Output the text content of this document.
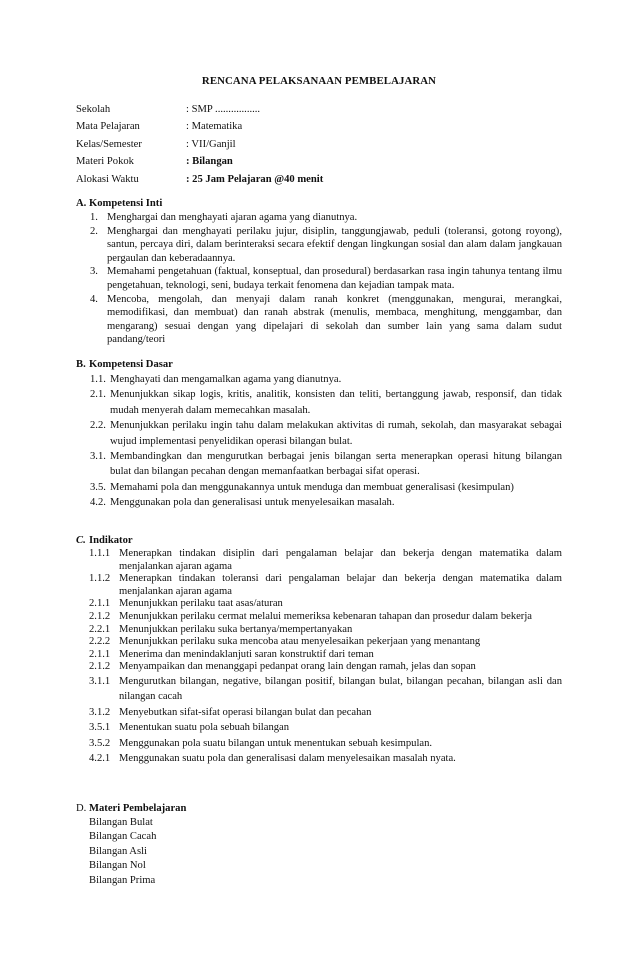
RENCANA PELAKSANAAN PEMBELAJARAN
Sekolah	: SMP .................
Mata Pelajaran	: Matematika
Kelas/Semester	: VII/Ganjil
Materi Pokok	: Bilangan
Alokasi Waktu	: 25 Jam Pelajaran @40 menit
A. Kompetensi Inti
1. Menghargai dan menghayati ajaran agama yang dianutnya.
2. Menghargai dan menghayati perilaku jujur, disiplin, tanggungjawab, peduli (toleransi, gotong royong), santun, percaya diri, dalam berinteraksi secara efektif dengan lingkungan sosial dan alam dalam jangkauan pergaulan dan keberadaannya.
3. Memahami pengetahuan (faktual, konseptual, dan prosedural) berdasarkan rasa ingin tahunya tentang ilmu pengetahuan, teknologi, seni, budaya terkait fenomena dan kejadian tampak mata.
4. Mencoba, mengolah, dan menyaji dalam ranah konkret (menggunakan, mengurai, merangkai, memodifikasi, dan membuat) dan ranah abstrak (menulis, membaca, menghitung, menggambar, dan mengarang) sesuai dengan yang dipelajari di sekolah dan sumber lain yang sama dalam sudut pandang/teori
B. Kompetensi Dasar
1.1. Menghayati dan mengamalkan agama yang dianutnya.
2.1. Menunjukkan sikap logis, kritis, analitik, konsisten dan teliti, bertanggung jawab, responsif, dan tidak mudah menyerah dalam memecahkan masalah.
2.2. Menunjukkan perilaku ingin tahu dalam melakukan aktivitas di rumah, sekolah, dan masyarakat sebagai wujud implementasi penyelidikan operasi bilangan bulat.
3.1. Membandingkan dan mengurutkan berbagai jenis bilangan serta menerapkan operasi hitung bilangan bulat dan bilangan pecahan dengan memanfaatkan berbagai sifat operasi.
3.5. Memahami pola dan menggunakannya untuk menduga dan membuat generalisasi (kesimpulan)
4.2. Menggunakan pola dan generalisasi untuk menyelesaikan masalah.
C. Indikator
1.1.1 Menerapkan tindakan disiplin dari pengalaman belajar dan bekerja dengan matematika dalam menjalankan ajaran agama
1.1.2 Menerapkan tindakan toleransi dari pengalaman belajar dan bekerja dengan matematika dalam menjalankan ajaran agama
2.1.1 Menunjukkan perilaku taat asas/aturan
2.1.2 Menunjukkan perilaku cermat melalui memeriksa kebenaran tahapan dan prosedur dalam bekerja
2.2.1 Menunjukkan perilaku suka bertanya/mempertanyakan
2.2.2 Menunjukkan perilaku suka mencoba atau menyelesaikan pekerjaan yang menantang
2.1.1 Menerima dan menindaklanjuti saran konstruktif dari teman
2.1.2 Menyampaikan dan menanggapi pedanpat orang lain dengan ramah, jelas dan sopan
3.1.1 Mengurutkan bilangan, negative, bilangan positif, bilangan bulat, bilangan pecahan, bilangan asli dan nilangan cacah
3.1.2 Menyebutkan sifat-sifat operasi bilangan bulat dan pecahan
3.5.1 Menentukan suatu pola sebuah bilangan
3.5.2 Menggunakan pola suatu bilangan untuk menentukan sebuah kesimpulan.
4.2.1 Menggunakan suatu pola dan generalisasi dalam menyelesaikan masalah nyata.
D. Materi Pembelajaran
Bilangan Bulat
Bilangan Cacah
Bilangan Asli
Bilangan Nol
Bilangan Prima
